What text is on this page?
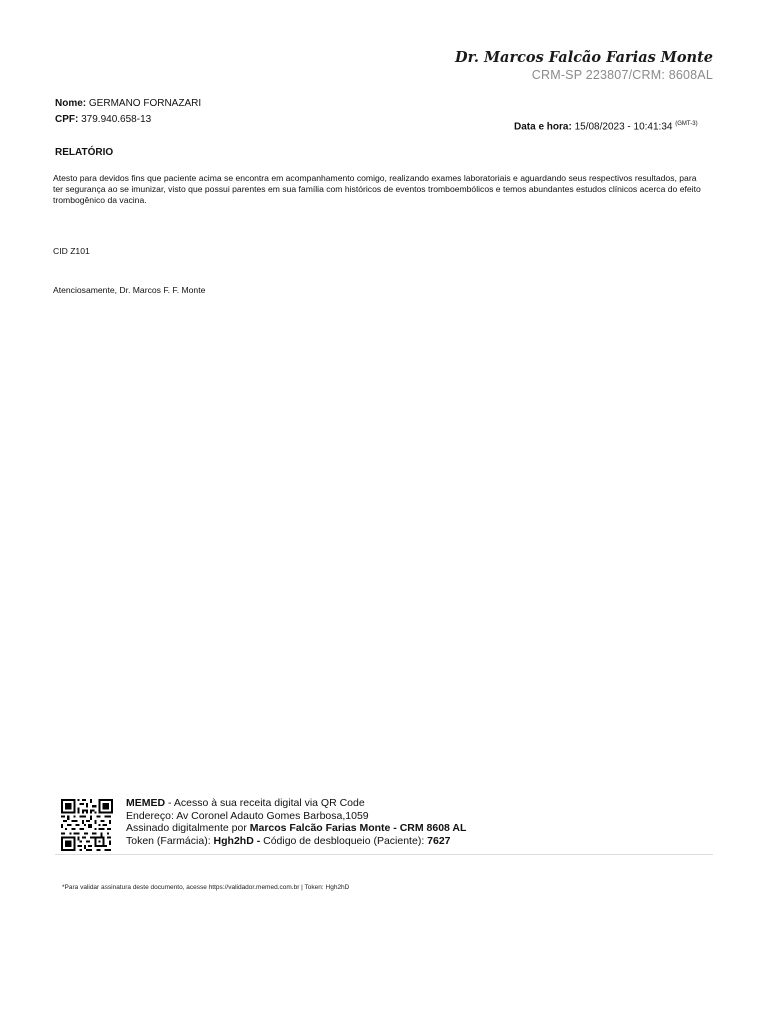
Dr. Marcos Falcão Farias Monte
CRM-SP 223807/CRM: 8608AL
Nome: GERMANO FORNAZARI
CPF: 379.940.658-13
Data e hora: 15/08/2023 - 10:41:34 $^{(GMT-3)}$
RELATÓRIO
Atesto para devidos fins que paciente acima se encontra em acompanhamento comigo, realizando exames laboratoriais e aguardando seus respectivos resultados, para ter segurança ao se imunizar, visto que possui parentes em sua família com históricos de eventos tromboembólicos e temos abundantes estudos clínicos acerca do efeito trombogênico da vacina.
CID Z101
Atenciosamente, Dr. Marcos F. F. Monte
MEMED - Acesso à sua receita digital via QR Code
Endereço: Av Coronel Adauto Gomes Barbosa,1059
Assinado digitalmente por Marcos Falcão Farias Monte - CRM 8608 AL
Token (Farmácia): Hgh2hD - Código de desbloqueio (Paciente): 7627
*Para validar assinatura deste documento, acesse https://validador.memed.com.br | Token: Hgh2hD
